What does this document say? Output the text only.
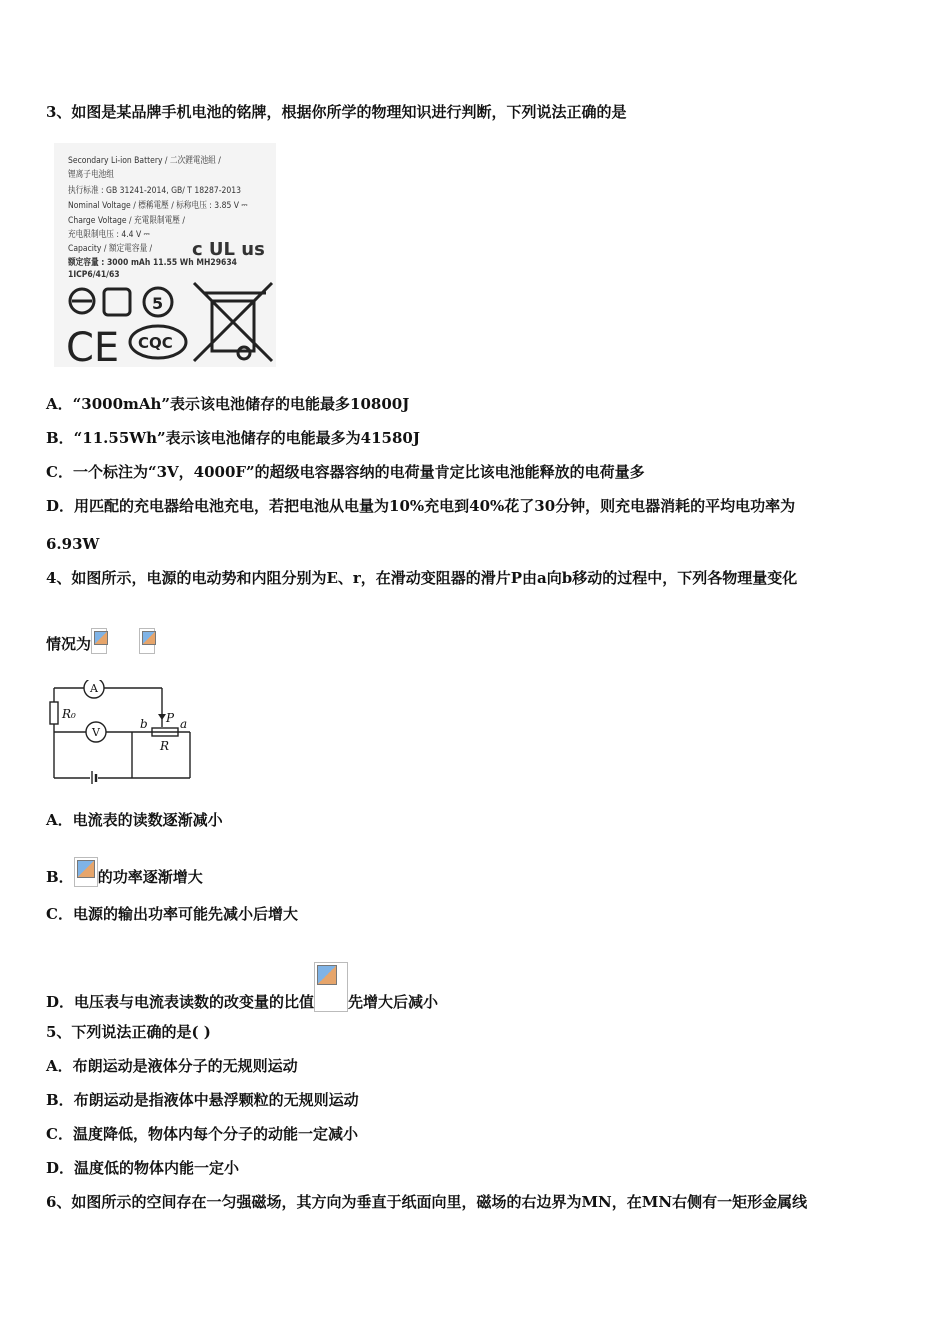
3、如图是某品牌手机电池的铭牌，根据你所学的物理知识进行判断，下列说法正确的是
Secondary Li-ion Battery / 二次鋰電池組 /
锂离子电池组
执行标准 : GB 31241-2014, GB/ T 18287-2013
Nominal Voltage / 標稱電壓 / 标称电压 : 3.85 V ⎓
Charge Voltage / 充電限制電壓 /
充电限制电压 : 4.4 V ⎓
Capacity / 額定電容量 /
额定容量 : 3000 mAh 11.55 Wh MH29634
1ICP6/41/63
c UL us
5
CE CQC
A．“3000mAh”表示该电池储存的电能最多10800J
B．“11.55Wh”表示该电池储存的电能最多为41580J
C．一个标注为“3V，4000F”的超级电容器容纳的电荷量肯定比该电池能释放的电荷量多
D．用匹配的充电器给电池充电，若把电池从电量为10%充电到40%花了30分钟，则充电器消耗的平均电功率为
6.93W
4、如图所示，电源的电动势和内阻分别为E、r，在滑动变阻器的滑片P由a向b移动的过程中，下列各物理量变化
情况为
A
V
R₀
b P a
R
A．电流表的读数逐渐减小
B． 的功率逐渐增大
C．电源的输出功率可能先减小后增大
D．电压表与电流表读数的改变量的比值 先增大后减小
5、下列说法正确的是( )
A．布朗运动是液体分子的无规则运动
B．布朗运动是指液体中悬浮颗粒的无规则运动
C．温度降低，物体内每个分子的动能一定减小
D．温度低的物体内能一定小
6、如图所示的空间存在一匀强磁场，其方向为垂直于纸面向里，磁场的右边界为MN，在MN右侧有一矩形金属线
